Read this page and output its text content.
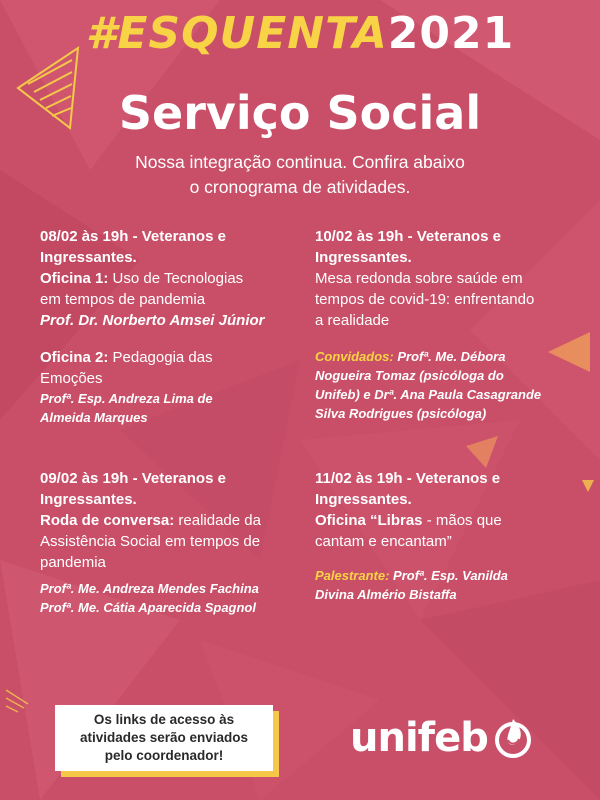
#ESQUENTA2021
Serviço Social
Nossa integração continua. Confira abaixo
o cronograma de atividades.
08/02 às 19h - Veteranos e
Ingressantes.
Oficina 1: Uso de Tecnologias
em tempos de pandemia
Prof. Dr. Norberto Amsei Júnior
Oficina 2: Pedagogia das
Emoções
Profª. Esp. Andreza Lima de
Almeida Marques
10/02 às 19h - Veteranos e
Ingressantes.
Mesa redonda sobre saúde em
tempos de covid-19: enfrentando
a realidade
Convidados: Profª. Me. Débora
Nogueira Tomaz (psicóloga do
Unifeb) e Drª. Ana Paula Casagrande
Silva Rodrigues (psicóloga)
09/02 às 19h - Veteranos e
Ingressantes.
Roda de conversa: realidade da
Assistência Social em tempos de
pandemia
Profª. Me. Andreza Mendes Fachina
Profª. Me. Cátia Aparecida Spagnol
11/02 às 19h - Veteranos e
Ingressantes.
Oficina “Libras - mãos que
cantam e encantam”
Palestrante: Profª. Esp. Vanilda
Divina Almério Bistaffa
Os links de acesso às
atividades serão enviados
pelo coordenador!	unifeb
